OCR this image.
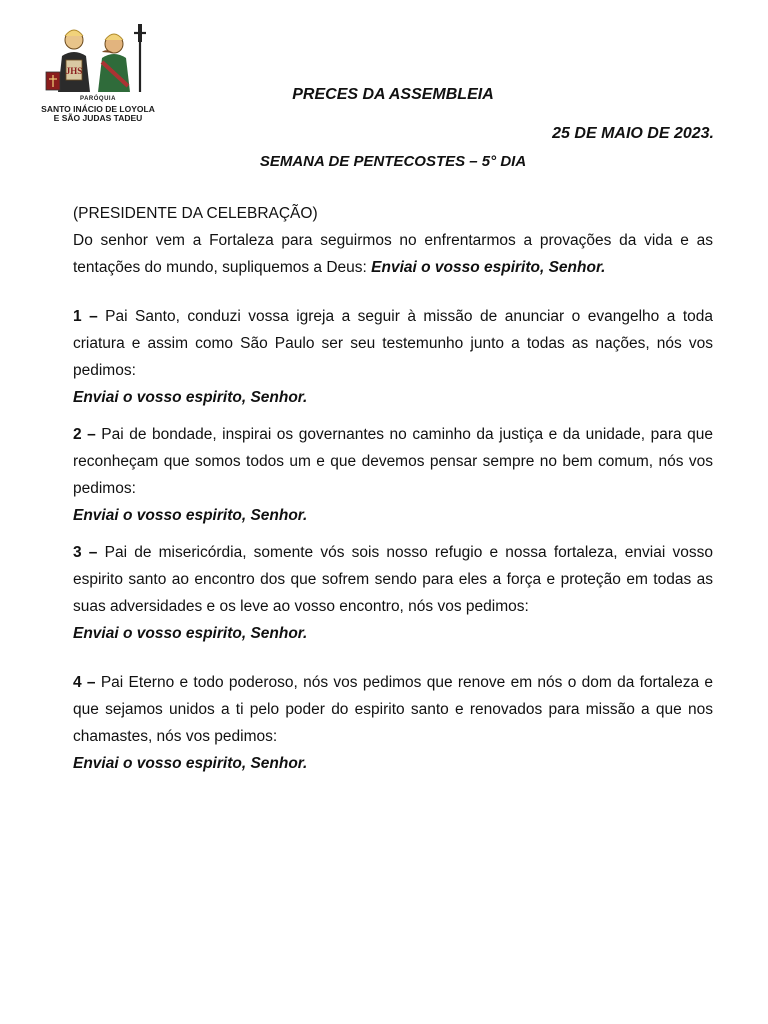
JHS
PARÓQUIA
SANTO INÁCIO DE LOYOLA
E SÃO JUDAS TADEU
PRECES DA ASSEMBLEIA
25 DE MAIO DE 2023.
SEMANA DE PENTECOSTES – 5° DIA

(PRESIDENTE DA CELEBRAÇÃO)

Do senhor vem a Fortaleza para seguirmos no enfrentarmos a provações da vida e as tentações do mundo, supliquemos a Deus: Enviai o vosso espirito, Senhor.

1 – Pai Santo, conduzi vossa igreja a seguir à missão de anunciar o evangelho a toda criatura e assim como São Paulo ser seu testemunho junto a todas as nações, nós vos pedimos:

Enviai o vosso espirito, Senhor.

2 – Pai de bondade, inspirai os governantes no caminho da justiça e da unidade, para que reconheçam que somos todos um e que devemos pensar sempre no bem comum, nós vos pedimos:

Enviai o vosso espirito, Senhor.

3 – Pai de misericórdia, somente vós sois nosso refugio e nossa fortaleza, enviai vosso espirito santo ao encontro dos que sofrem sendo para eles a força e proteção em todas as suas adversidades e os leve ao vosso encontro, nós vos pedimos:

Enviai o vosso espirito, Senhor.

4 – Pai Eterno e todo poderoso, nós vos pedimos que renove em nós o dom da fortaleza e que sejamos unidos a ti pelo poder do espirito santo e renovados para missão a que nos chamastes, nós vos pedimos:

Enviai o vosso espirito, Senhor.
